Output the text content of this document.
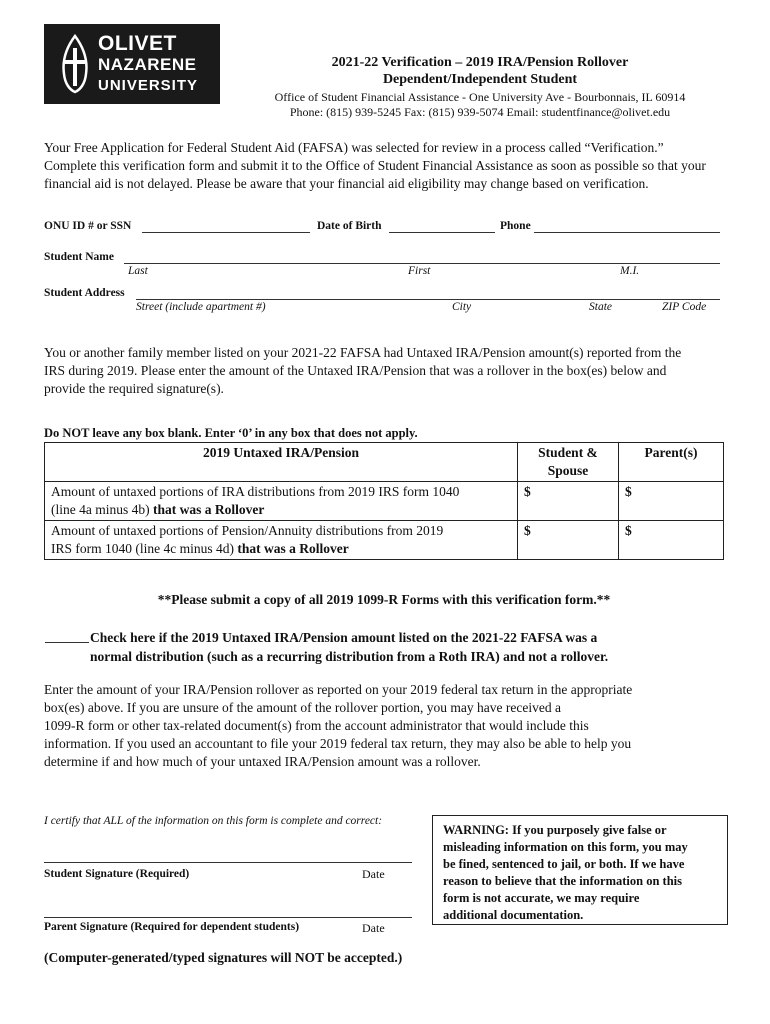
OLIVET
NAZARENE
UNIVERSITY
2021-22 Verification – 2019 IRA/Pension Rollover
Dependent/Independent Student
Office of Student Financial Assistance - One University Ave - Bourbonnais, IL 60914
Phone: (815) 939-5245 Fax: (815) 939-5074 Email: studentfinance@olivet.edu
Your Free Application for Federal Student Aid (FAFSA) was selected for review in a process called “Verification.”
Complete this verification form and submit it to the Office of Student Financial Assistance as soon as possible so that your
financial aid is not delayed. Please be aware that your financial aid eligibility may change based on verification.
ONU ID # or SSN	Date of Birth	Phone
Student Name
Last	First	M.I.
Student Address
Street (include apartment #)	City	State	ZIP Code
You or another family member listed on your 2021-22 FAFSA had Untaxed IRA/Pension amount(s) reported from the
IRS during 2019. Please enter the amount of the Untaxed IRA/Pension that was a rollover in the box(es) below and
provide the required signature(s).
Do NOT leave any box blank. Enter ‘0’ in any box that does not apply.
2019 Untaxed IRA/Pension	Student &
Spouse	Parent(s)

Amount of untaxed portions of IRA distributions from 2019 IRS form 1040
(line 4a minus 4b) that was a Rollover	$	$

Amount of untaxed portions of Pension/Annuity distributions from 2019
IRS form 1040 (line 4c minus 4d) that was a Rollover	$	$
**Please submit a copy of all 2019 1099-R Forms with this verification form.**
Check here if the 2019 Untaxed IRA/Pension amount listed on the 2021-22 FAFSA was a
normal distribution (such as a recurring distribution from a Roth IRA) and not a rollover.
Enter the amount of your IRA/Pension rollover as reported on your 2019 federal tax return in the appropriate
box(es) above. If you are unsure of the amount of the rollover portion, you may have received a
1099-R form or other tax-related document(s) from the account administrator that would include this
information. If you used an accountant to file your 2019 federal tax return, they may also be able to help you
determine if and how much of your untaxed IRA/Pension amount was a rollover.
I certify that ALL of the information on this form is complete and correct:
Student Signature (Required)	Date
Parent Signature (Required for dependent students)	Date
(Computer-generated/typed signatures will NOT be accepted.)
WARNING: If you purposely give false or
misleading information on this form, you may
be fined, sentenced to jail, or both. If we have
reason to believe that the information on this
form is not accurate, we may require
additional documentation.
